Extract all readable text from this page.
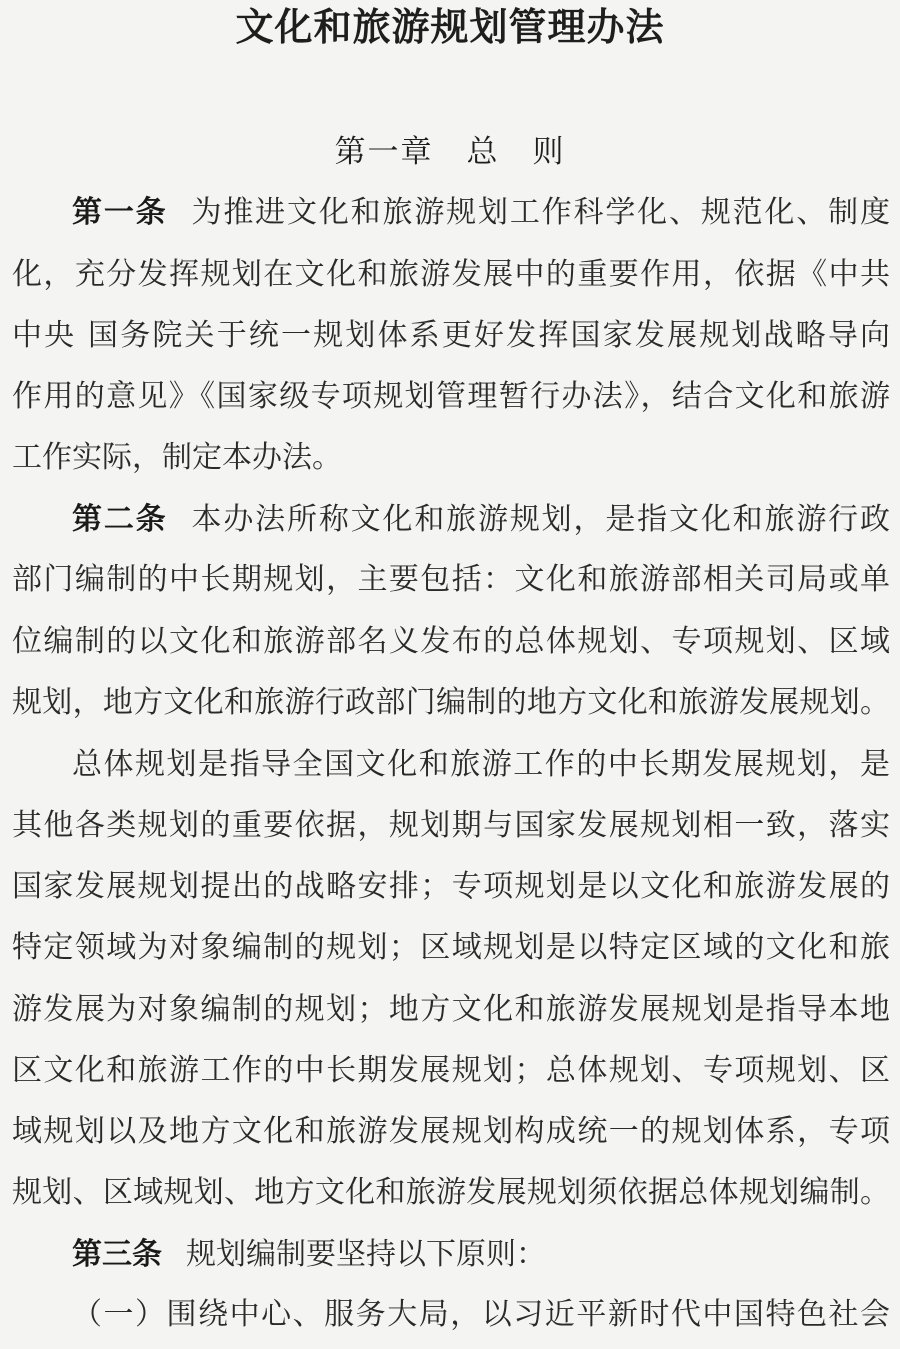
文化和旅游规划管理办法
第一章　总　则
第一条 为推进文化和旅游规划工作科学化、规范化、制度
化，充分发挥规划在文化和旅游发展中的重要作用，依据《中共
中央 国务院关于统一规划体系更好发挥国家发展规划战略导向
作用的意见》《国家级专项规划管理暂行办法》，结合文化和旅游
工作实际，制定本办法。
第二条 本办法所称文化和旅游规划，是指文化和旅游行政
部门编制的中长期规划，主要包括：文化和旅游部相关司局或单
位编制的以文化和旅游部名义发布的总体规划、专项规划、区域
规划，地方文化和旅游行政部门编制的地方文化和旅游发展规划。
总体规划是指导全国文化和旅游工作的中长期发展规划，是
其他各类规划的重要依据，规划期与国家发展规划相一致，落实
国家发展规划提出的战略安排；专项规划是以文化和旅游发展的
特定领域为对象编制的规划；区域规划是以特定区域的文化和旅
游发展为对象编制的规划；地方文化和旅游发展规划是指导本地
区文化和旅游工作的中长期发展规划；总体规划、专项规划、区
域规划以及地方文化和旅游发展规划构成统一的规划体系，专项
规划、区域规划、地方文化和旅游发展规划须依据总体规划编制。
第三条 规划编制要坚持以下原则：
（一）围绕中心、服务大局，以习近平新时代中国特色社会
